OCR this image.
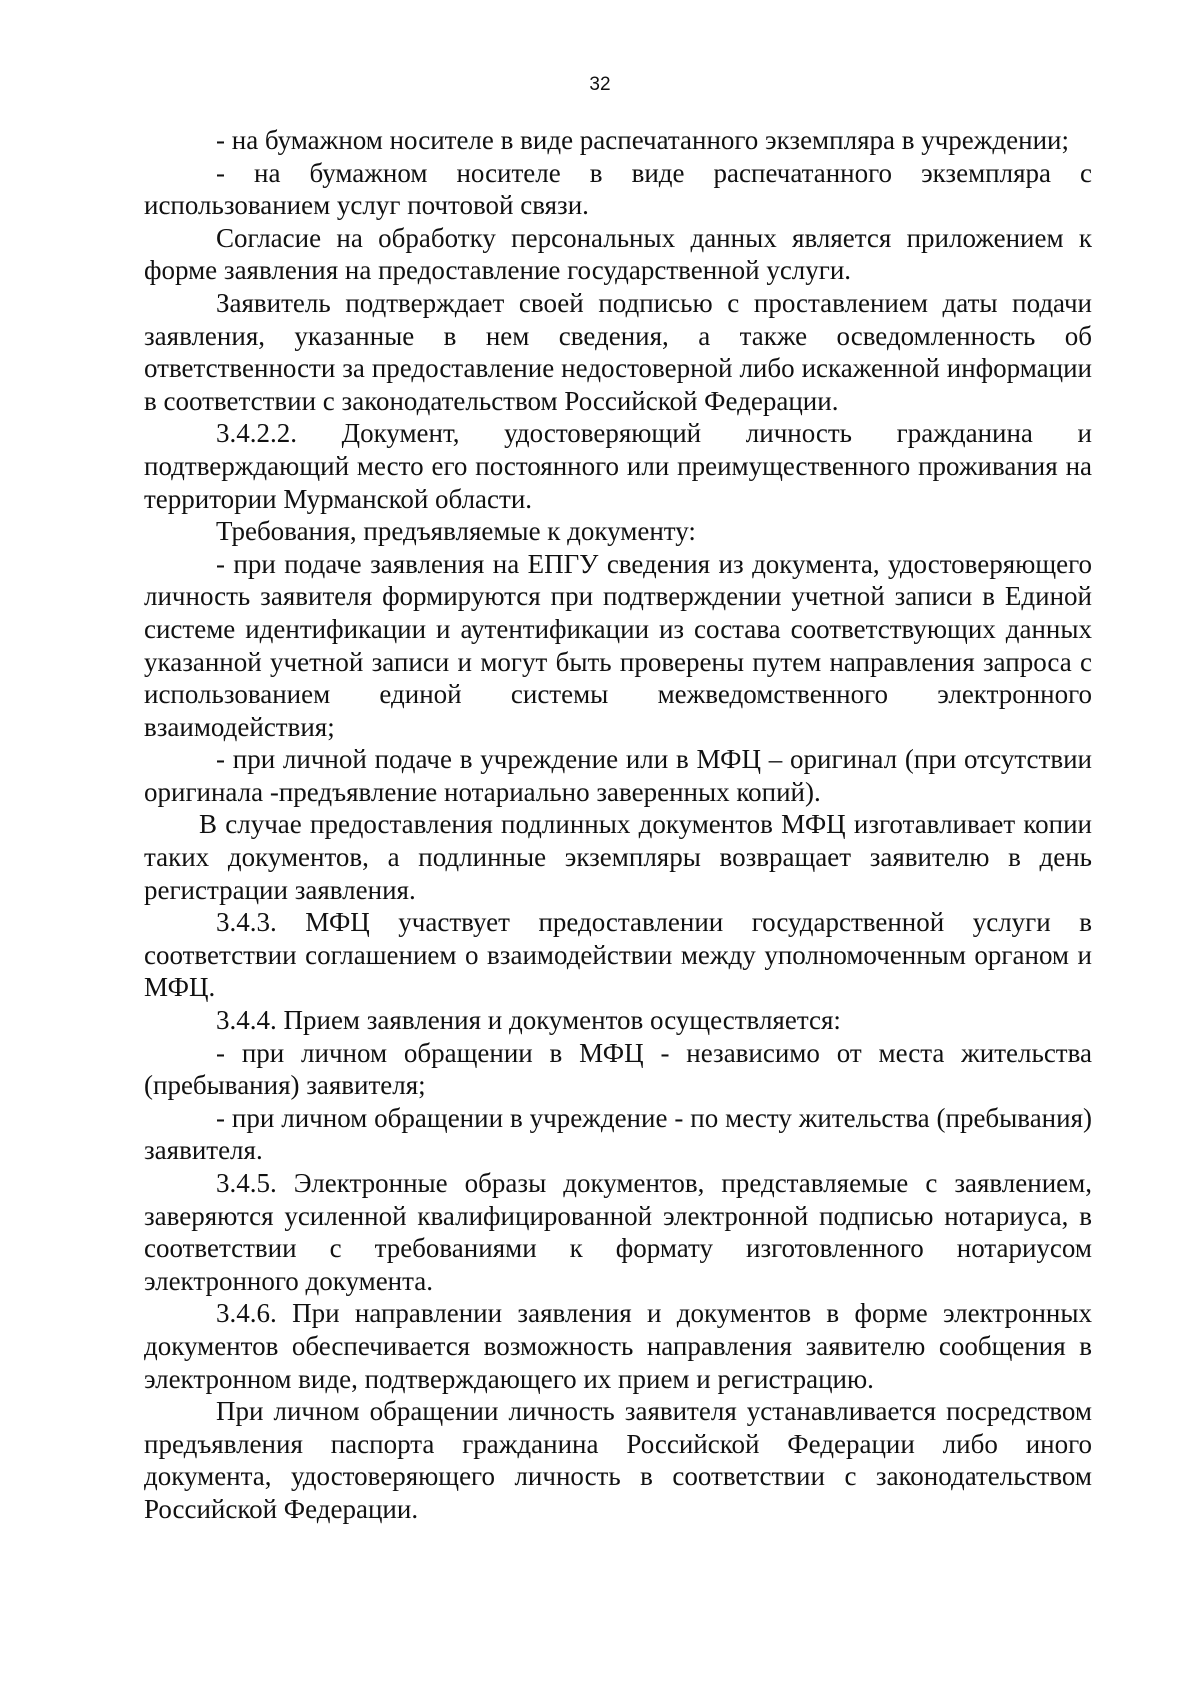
32

- на бумажном носителе в виде распечатанного экземпляра в учреждении;

- на бумажном носителе в виде распечатанного экземпляра с использованием услуг почтовой связи.

Согласие на обработку персональных данных является приложением к форме заявления на предоставление государственной услуги.

Заявитель подтверждает своей подписью с проставлением даты подачи заявления, указанные в нем сведения, а также осведомленность об ответственности за предоставление недостоверной либо искаженной информации в соответствии с законодательством Российской Федерации.

3.4.2.2. Документ, удостоверяющий личность гражданина и подтверждающий место его постоянного или преимущественного проживания на территории Мурманской области.

Требования, предъявляемые к документу:

- при подаче заявления на ЕПГУ сведения из документа, удостоверяющего личность заявителя формируются при подтверждении учетной записи в Единой системе идентификации и аутентификации из состава соответствующих данных указанной учетной записи и могут быть проверены путем направления запроса с использованием единой системы межведомственного электронного взаимодействия;

- при личной подаче в учреждение или в МФЦ – оригинал (при отсутствии оригинала -предъявление нотариально заверенных копий).

В случае предоставления подлинных документов МФЦ изготавливает копии таких документов, а подлинные экземпляры возвращает заявителю в день регистрации заявления.

3.4.3. МФЦ участвует предоставлении государственной услуги в соответствии соглашением о взаимодействии между уполномоченным органом и МФЦ.

3.4.4. Прием заявления и документов осуществляется:

- при личном обращении в МФЦ - независимо от места жительства (пребывания) заявителя;

- при личном обращении в учреждение - по месту жительства (пребывания) заявителя.

3.4.5. Электронные образы документов, представляемые с заявлением, заверяются усиленной квалифицированной электронной подписью нотариуса, в соответствии с требованиями к формату изготовленного нотариусом электронного документа.

3.4.6. При направлении заявления и документов в форме электронных документов обеспечивается возможность направления заявителю сообщения в электронном виде, подтверждающего их прием и регистрацию.

При личном обращении личность заявителя устанавливается посредством предъявления паспорта гражданина Российской Федерации либо иного документа, удостоверяющего личность в соответствии с законодательством Российской Федерации.
